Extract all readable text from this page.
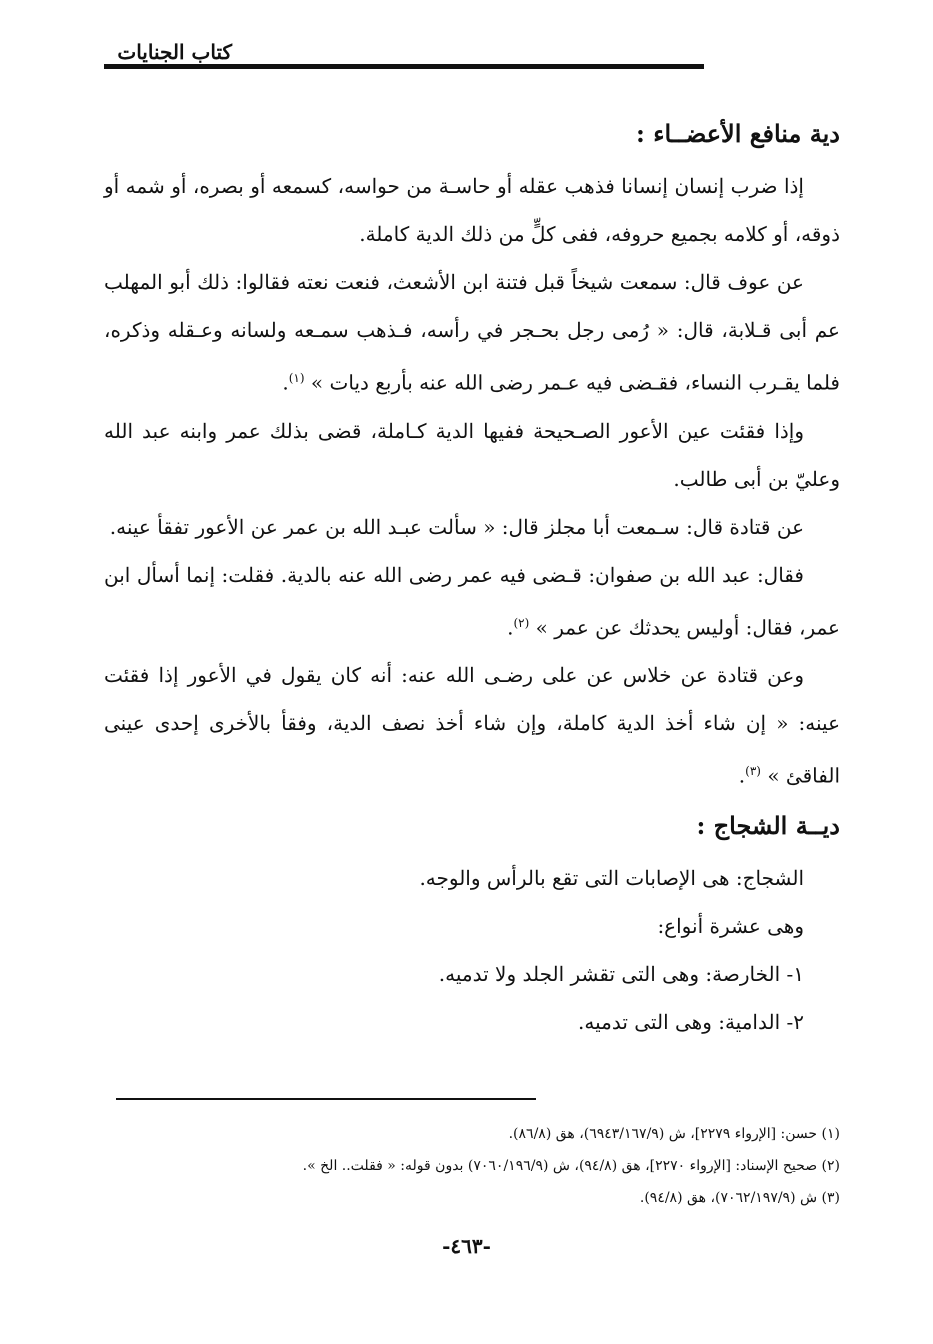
كتاب الجنايات
دية منافع الأعضــاء :

إذا ضرب إنسان إنسانا فذهب عقله أو حاسـة من حواسه، كسمعه أو بصره، أو شمه أو ذوقه، أو كلامه بجميع حروفه، ففى كلٍّ من ذلك الدية كاملة.

عن عوف قال: سمعت شيخاً قبل فتنة ابن الأشعث، فنعت نعته فقالوا: ذلك أبو المهلب عم أبى قـلابة، قال: « رُمى رجل بحـجر في رأسه، فـذهب سمـعه ولسانه وعـقله وذكره، فلما يقـرب النساء، فقـضى فيه عـمر رضى الله عنه بأربع ديات » $^{(١)}$.

وإذا فقئت عين الأعور الصـحيحة ففيها الدية كـاملة، قضى بذلك عمر وابنه عبد الله وعليّ بن أبى طالب.

عن قتادة قال: سـمعت أبا مجلز قال: « سألت عبـد الله بن عمر عن الأعور تفقأ عينه.

فقال: عبد الله بن صفوان: قـضى فيه عمر رضى الله عنه بالدية. فقلت: إنما أسأل ابن عمر، فقال: أوليس يحدثك عن عمر » $^{(٢)}$.

وعن قتادة عن خلاس عن على رضـى الله عنه: أنه كان يقول في الأعور إذا فقئت عينه: « إن شاء أخذ الدية كاملة، وإن شاء أخذ نصف الدية، وفقأ بالأخرى إحدى عينى الفاقئ » $^{(٣)}$.

ديــة الشجاج :

الشجاج: هى الإصابات التى تقع بالرأس والوجه.

وهى عشرة أنواع:

١- الخارصة: وهى التى تقشر الجلد ولا تدميه.

٢- الدامية: وهى التى تدميه.

(١) حسن: [الإرواء ٢٢٧٩]، ش (٦٩٤٣/١٦٧/٩)، هق (٨٦/٨).
(٢) صحيح الإسناد: [الإرواء ٢٢٧٠]، هق (٩٤/٨)، ش (٧٠٦٠/١٩٦/٩) بدون قوله: « فقلت.. الخ ».
(٣) ش (٧٠٦٢/١٩٧/٩)، هق (٩٤/٨).
-٤٦٣-
